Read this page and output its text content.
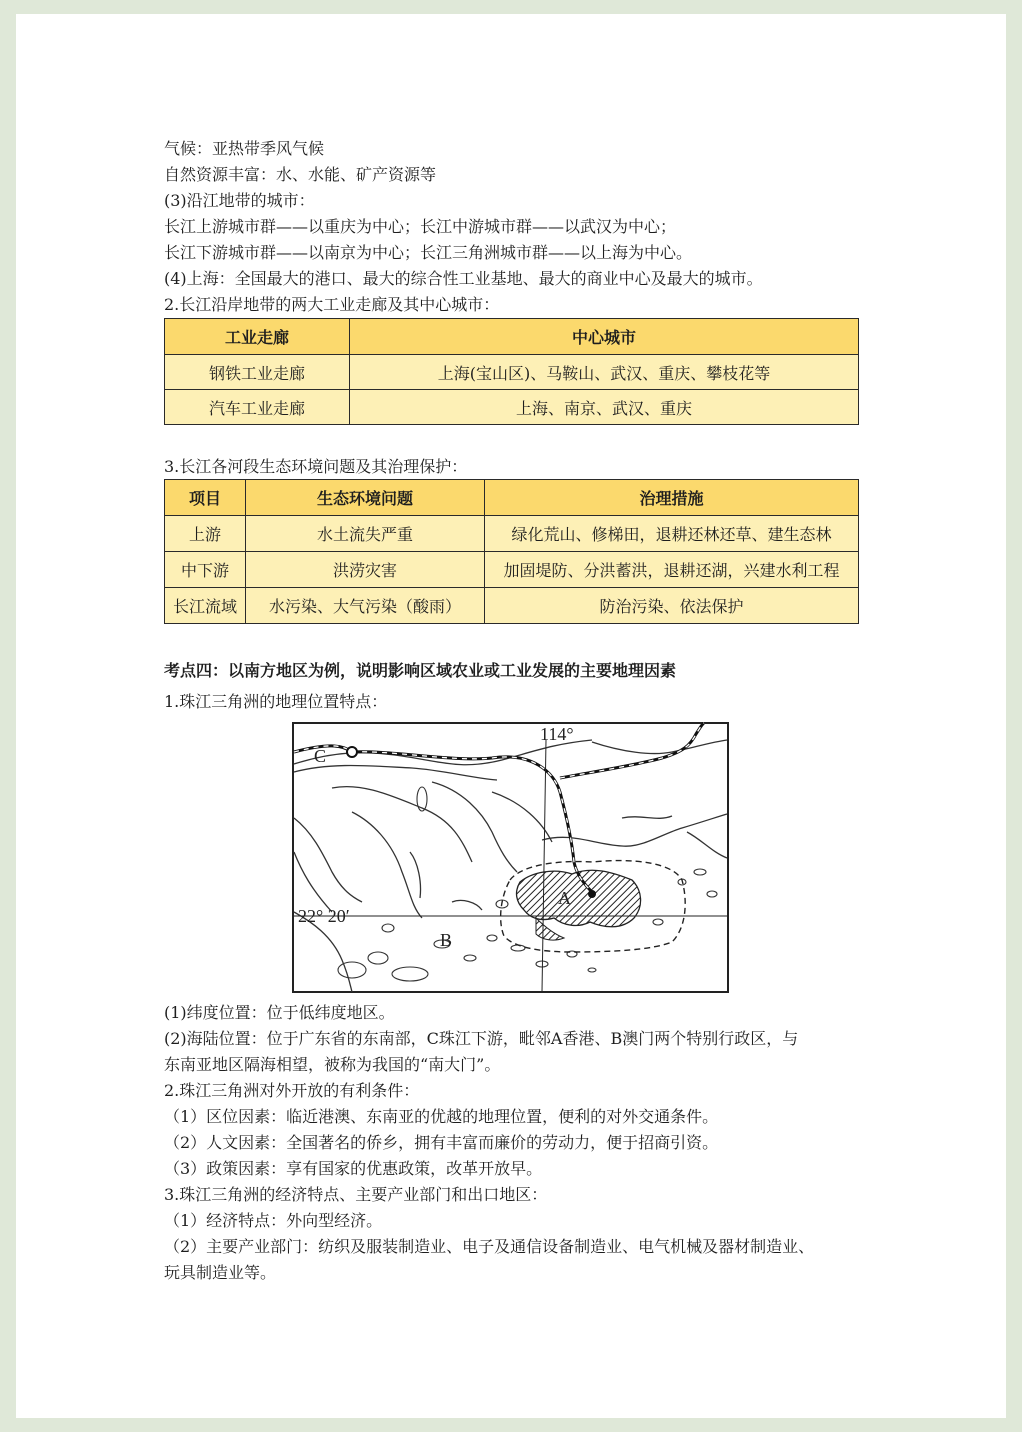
气候：亚热带季风气候
自然资源丰富：水、水能、矿产资源等
(3)沿江地带的城市：
长江上游城市群——以重庆为中心；长江中游城市群——以武汉为中心；
长江下游城市群——以南京为中心；长江三角洲城市群——以上海为中心。
(4)上海：全国最大的港口、最大的综合性工业基地、最大的商业中心及最大的城市。
2.长江沿岸地带的两大工业走廊及其中心城市：
工业走廊	中心城市
钢铁工业走廊	上海(宝山区)、马鞍山、武汉、重庆、攀枝花等
汽车工业走廊	上海、南京、武汉、重庆
3.长江各河段生态环境问题及其治理保护：
项目	生态环境问题	治理措施
上游	水土流失严重	绿化荒山、修梯田，退耕还林还草、建生态林
中下游	洪涝灾害	加固堤防、分洪蓄洪，退耕还湖，兴建水利工程
长江流域	水污染、大气污染（酸雨）	防治污染、依法保护
考点四：以南方地区为例，说明影响区域农业或工业发展的主要地理因素
1.珠江三角洲的地理位置特点：
114°
22° 20′
A
B
C
(1)纬度位置：位于低纬度地区。
(2)海陆位置：位于广东省的东南部，C珠江下游，毗邻A香港、B澳门两个特别行政区，与
东南亚地区隔海相望，被称为我国的“南大门”。
2.珠江三角洲对外开放的有利条件：
（1）区位因素：临近港澳、东南亚的优越的地理位置，便利的对外交通条件。
（2）人文因素：全国著名的侨乡，拥有丰富而廉价的劳动力，便于招商引资。
（3）政策因素：享有国家的优惠政策，改革开放早。
3.珠江三角洲的经济特点、主要产业部门和出口地区：
（1）经济特点：外向型经济。
（2）主要产业部门：纺织及服装制造业、电子及通信设备制造业、电气机械及器材制造业、
玩具制造业等。
